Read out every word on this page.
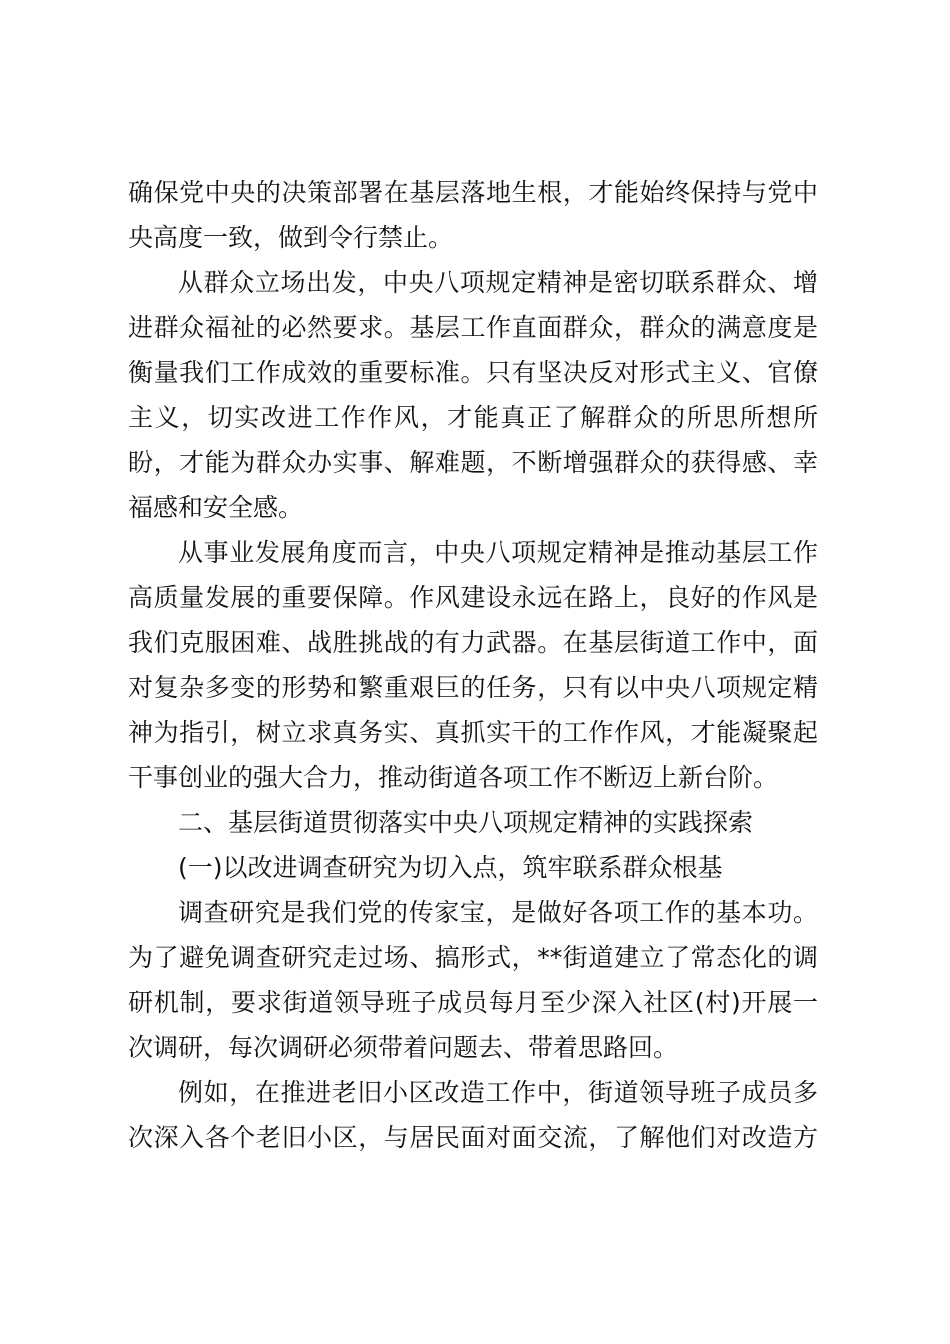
确保党中央的决策部署在基层落地生根，才能始终保持与党中
央高度一致，做到令行禁止。

从群众立场出发，中央八项规定精神是密切联系群众、增
进群众福祉的必然要求。基层工作直面群众，群众的满意度是
衡量我们工作成效的重要标准。只有坚决反对形式主义、官僚
主义，切实改进工作作风，才能真正了解群众的所思所想所
盼，才能为群众办实事、解难题，不断增强群众的获得感、幸
福感和安全感。

从事业发展角度而言，中央八项规定精神是推动基层工作
高质量发展的重要保障。作风建设永远在路上，良好的作风是
我们克服困难、战胜挑战的有力武器。在基层街道工作中，面
对复杂多变的形势和繁重艰巨的任务，只有以中央八项规定精
神为指引，树立求真务实、真抓实干的工作作风，才能凝聚起
干事创业的强大合力，推动街道各项工作不断迈上新台阶。

二、基层街道贯彻落实中央八项规定精神的实践探索

(一)以改进调查研究为切入点，筑牢联系群众根基

调查研究是我们党的传家宝，是做好各项工作的基本功。
为了避免调查研究走过场、搞形式，**街道建立了常态化的调
研机制，要求街道领导班子成员每月至少深入社区(村)开展一
次调研，每次调研必须带着问题去、带着思路回。

例如，在推进老旧小区改造工作中，街道领导班子成员多
次深入各个老旧小区，与居民面对面交流，了解他们对改造方
